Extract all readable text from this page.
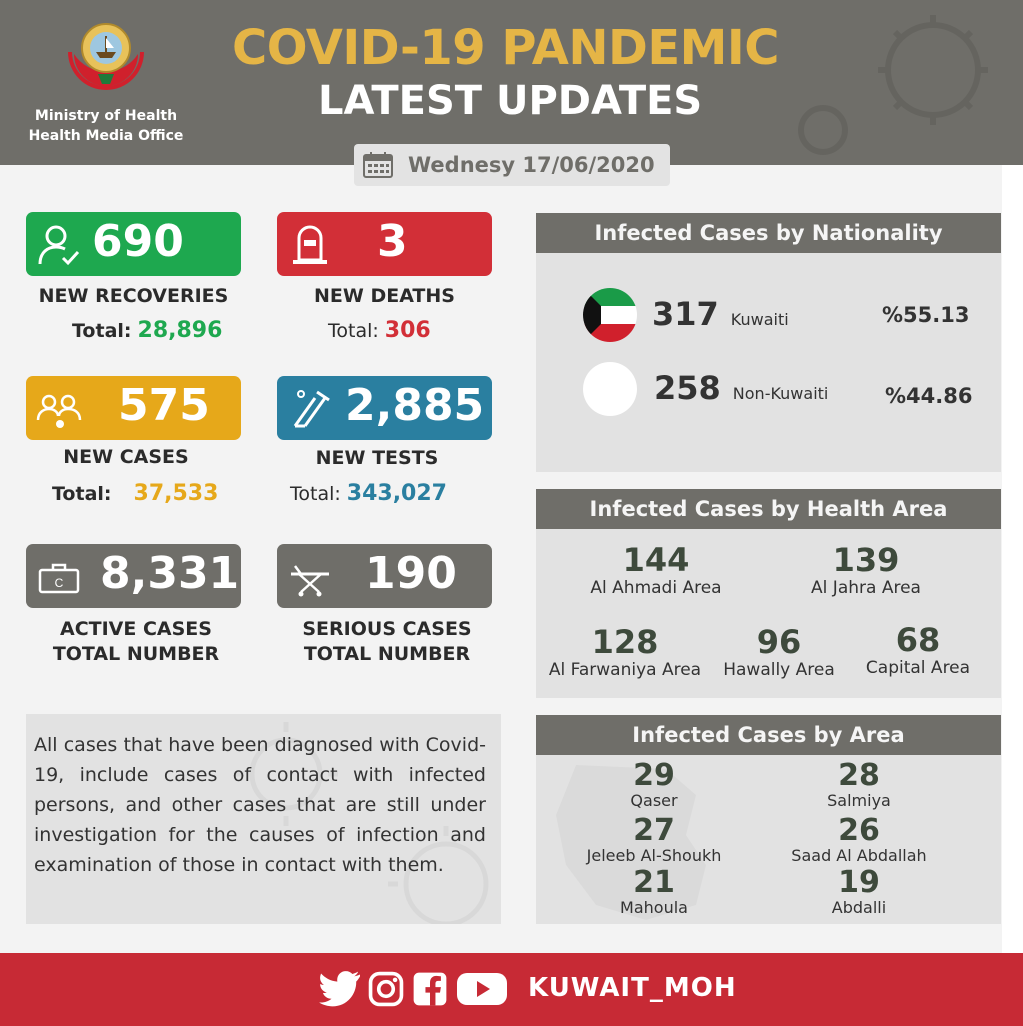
Ministry of Health
Health Media Office
COVID-19 PANDEMIC
LATEST UPDATES
Wednesy 17/06/2020
690
NEW RECOVERIES
Total: 28,896
3
NEW DEATHS
Total: 306
575
NEW CASES
Total: 37,533
2,885
NEW TESTS
Total: 343,027
C 8,331
ACTIVE CASES
TOTAL NUMBER
190
SERIOUS CASES
TOTAL NUMBER
All cases that have been diagnosed with Covid-19, include cases of contact with infected persons, and other cases that are still under investigation for the causes of infection and examination of those in contact with them.
Infected Cases by Nationality
317 Kuwaiti	%55.13
258 Non-Kuwaiti	%44.86
Infected Cases by Health Area
144
Al Ahmadi Area
139
Al Jahra Area
128
Al Farwaniya Area
96
Hawally Area
68
Capital Area
Infected Cases by Area
29
Qaser
28
Salmiya
27
Jeleeb Al-Shoukh
26
Saad Al Abdallah
21
Mahoula
19
Abdalli
KUWAIT_MOH
